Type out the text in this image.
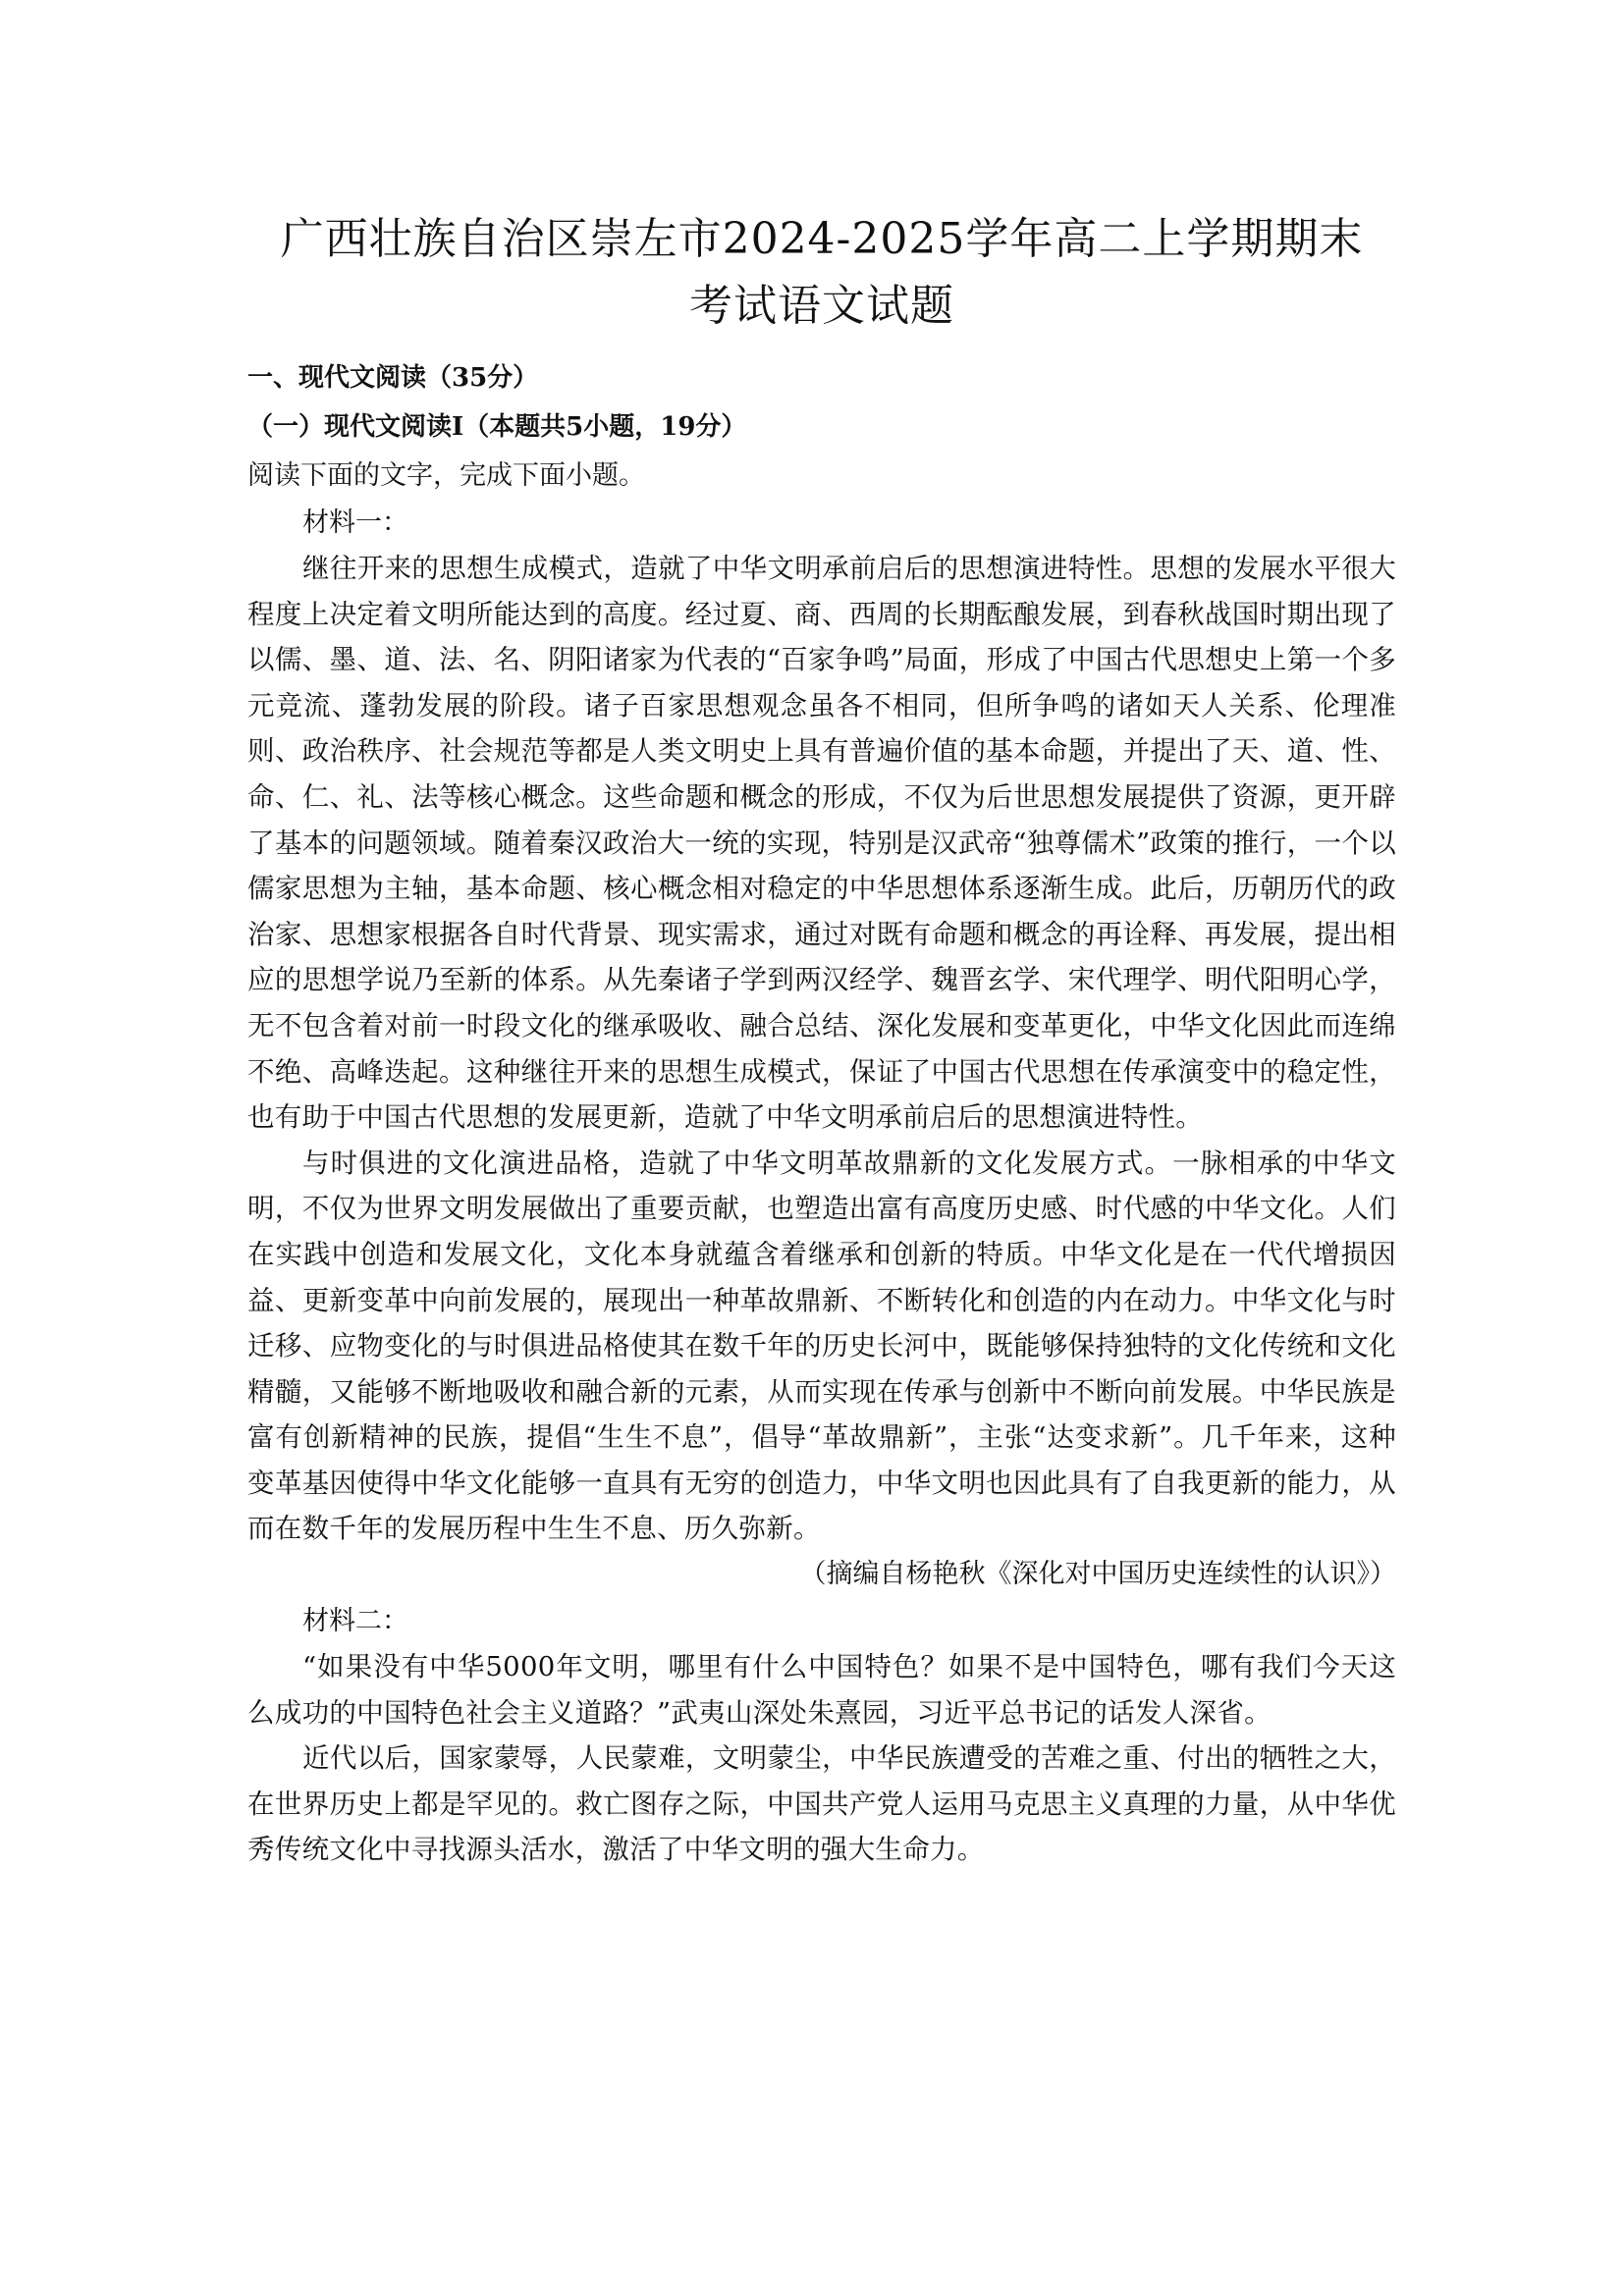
广西壮族自治区崇左市2024-2025学年高二上学期期末
考试语文试题
一、现代文阅读（35分）
（一）现代文阅读Ⅰ（本题共5小题，19分）
阅读下面的文字，完成下面小题。
材料一：

继往开来的思想生成模式，造就了中华文明承前启后的思想演进特性。思想的发展水平很大程度上决定着文明所能达到的高度。经过夏、商、西周的长期酝酿发展，到春秋战国时期出现了以儒、墨、道、法、名、阴阳诸家为代表的“百家争鸣”局面，形成了中国古代思想史上第一个多元竞流、蓬勃发展的阶段。诸子百家思想观念虽各不相同，但所争鸣的诸如天人关系、伦理准则、政治秩序、社会规范等都是人类文明史上具有普遍价值的基本命题，并提出了天、道、性、命、仁、礼、法等核心概念。这些命题和概念的形成，不仅为后世思想发展提供了资源，更开辟了基本的问题领域。随着秦汉政治大一统的实现，特别是汉武帝“独尊儒术”政策的推行，一个以儒家思想为主轴，基本命题、核心概念相对稳定的中华思想体系逐渐生成。此后，历朝历代的政治家、思想家根据各自时代背景、现实需求，通过对既有命题和概念的再诠释、再发展，提出相应的思想学说乃至新的体系。从先秦诸子学到两汉经学、魏晋玄学、宋代理学、明代阳明心学，无不包含着对前一时段文化的继承吸收、融合总结、深化发展和变革更化，中华文化因此而连绵不绝、高峰迭起。这种继往开来的思想生成模式，保证了中国古代思想在传承演变中的稳定性，也有助于中国古代思想的发展更新，造就了中华文明承前启后的思想演进特性。

与时俱进的文化演进品格，造就了中华文明革故鼎新的文化发展方式。一脉相承的中华文明，不仅为世界文明发展做出了重要贡献，也塑造出富有高度历史感、时代感的中华文化。人们在实践中创造和发展文化，文化本身就蕴含着继承和创新的特质。中华文化是在一代代增损因益、更新变革中向前发展的，展现出一种革故鼎新、不断转化和创造的内在动力。中华文化与时迁移、应物变化的与时俱进品格使其在数千年的历史长河中，既能够保持独特的文化传统和文化精髓，又能够不断地吸收和融合新的元素，从而实现在传承与创新中不断向前发展。中华民族是富有创新精神的民族，提倡“生生不息”，倡导“革故鼎新”，主张“达变求新”。几千年来，这种变革基因使得中华文化能够一直具有无穷的创造力，中华文明也因此具有了自我更新的能力，从而在数千年的发展历程中生生不息、历久弥新。

（摘编自杨艳秋《深化对中国历史连续性的认识》）

材料二：

“如果没有中华5000年文明，哪里有什么中国特色？如果不是中国特色，哪有我们今天这么成功的中国特色社会主义道路？”武夷山深处朱熹园，习近平总书记的话发人深省。

近代以后，国家蒙辱，人民蒙难，文明蒙尘，中华民族遭受的苦难之重、付出的牺牲之大，在世界历史上都是罕见的。救亡图存之际，中国共产党人运用马克思主义真理的力量，从中华优秀传统文化中寻找源头活水，激活了中华文明的强大生命力。
